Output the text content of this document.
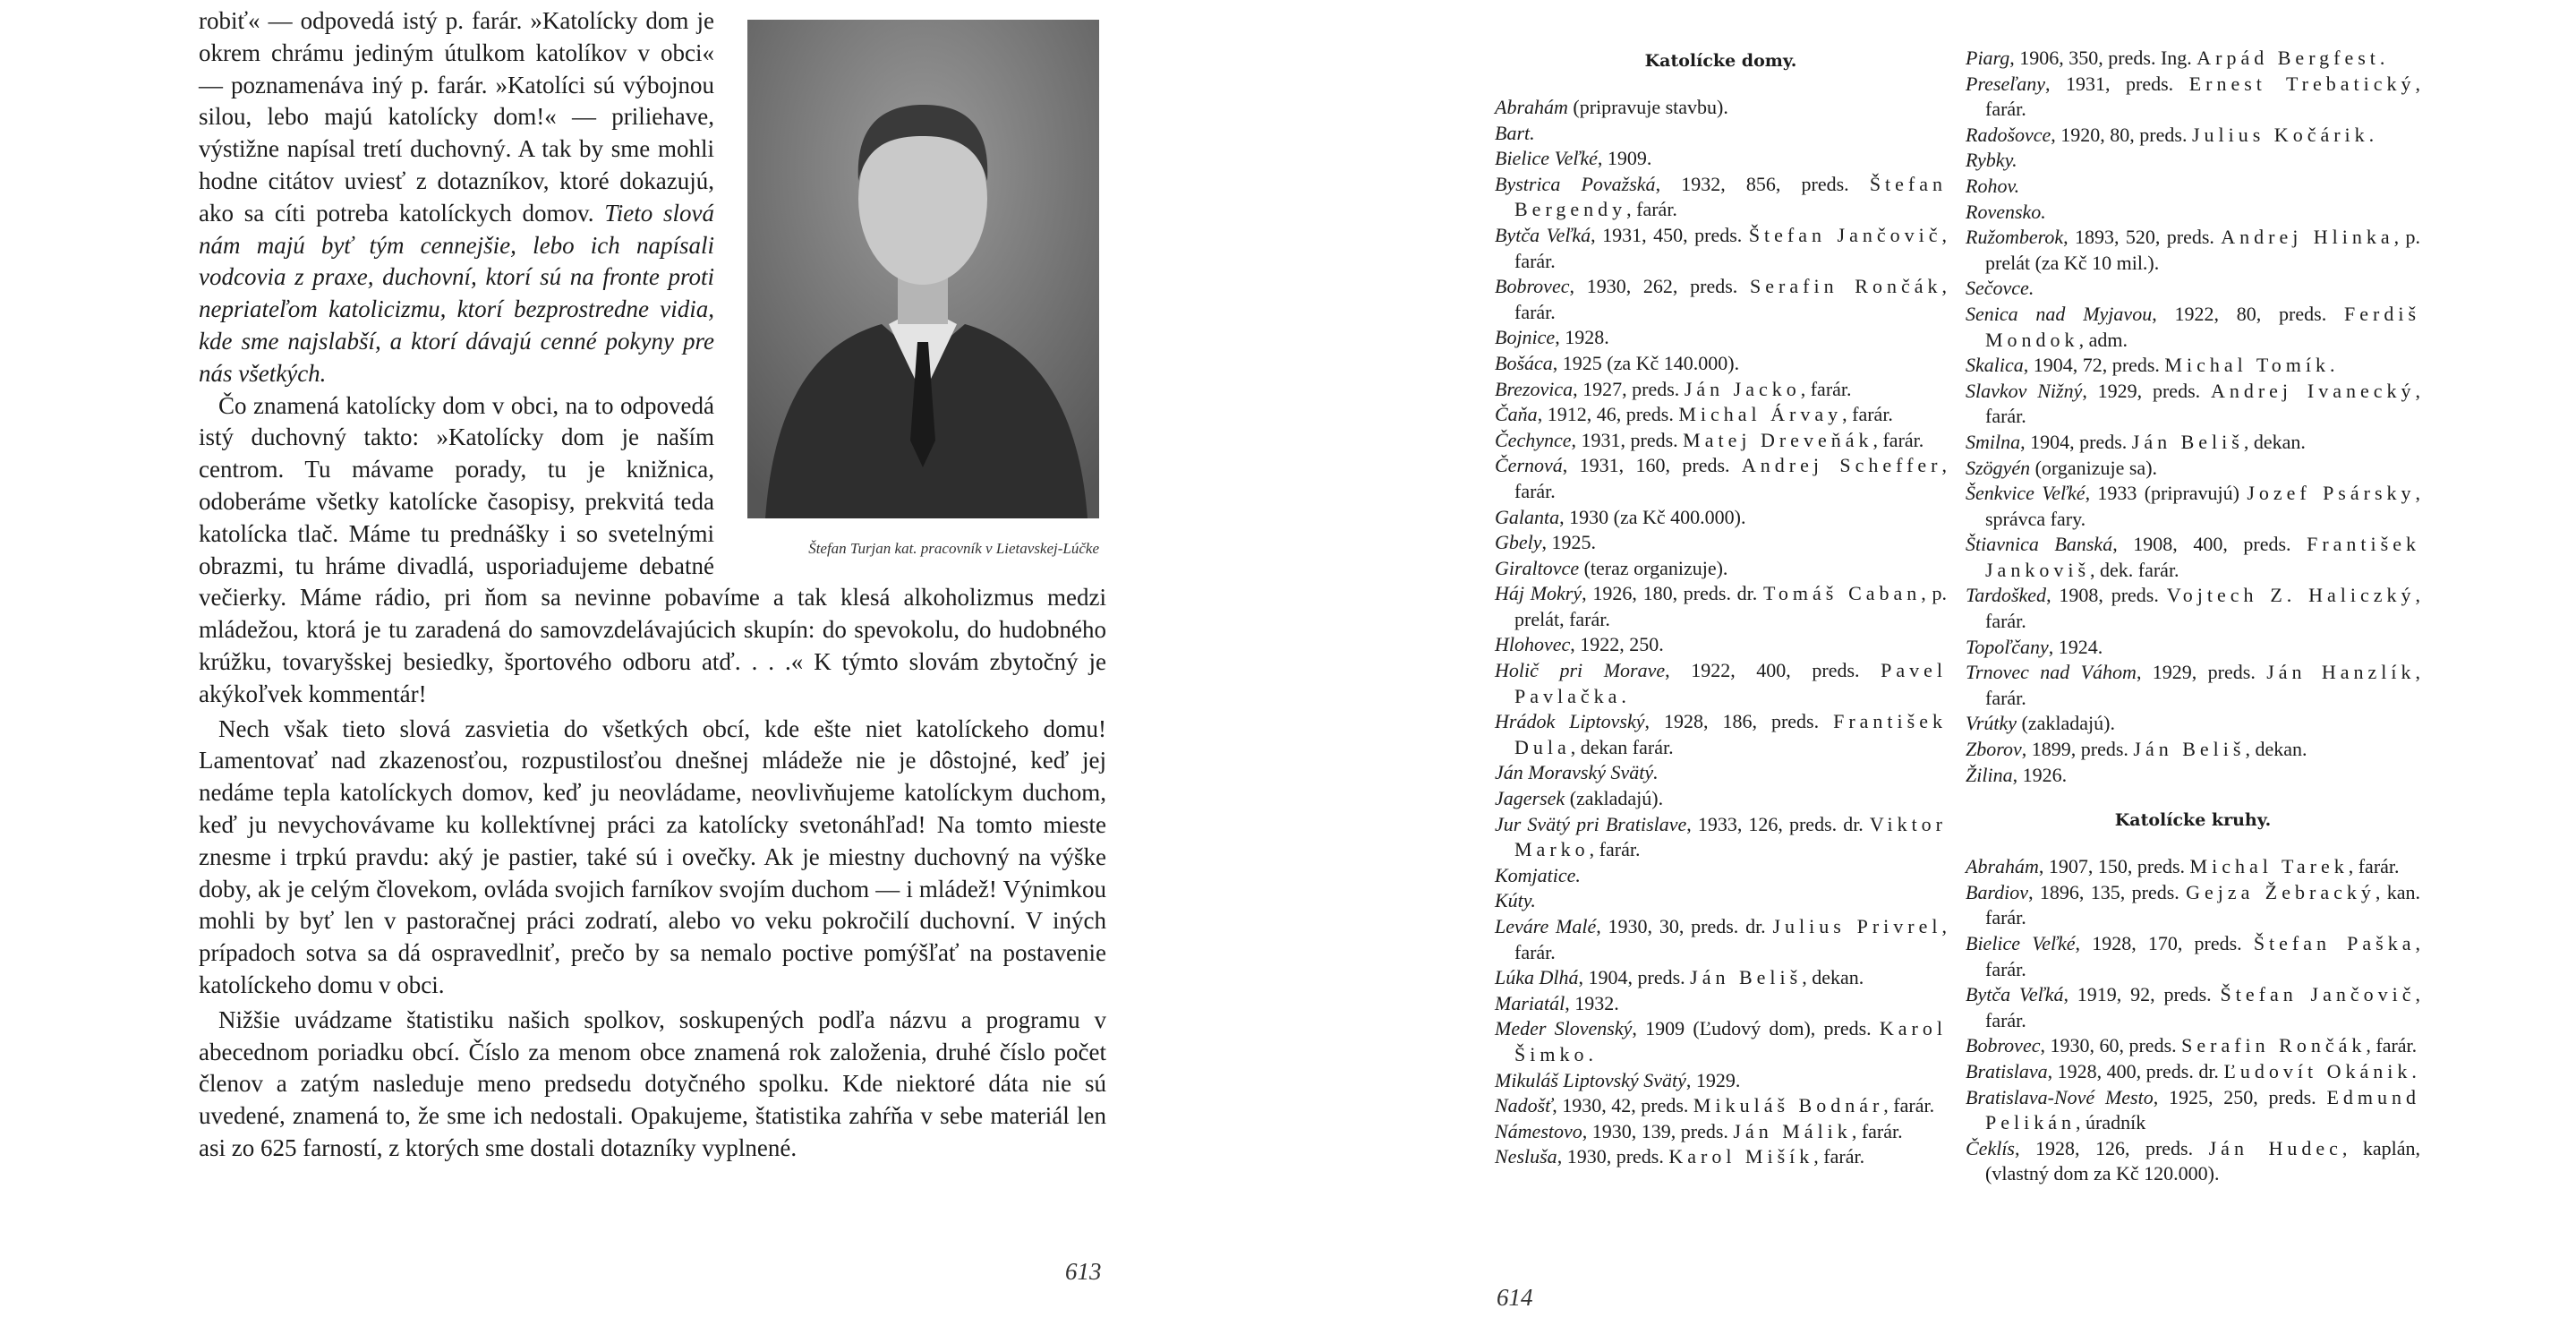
Štefan Turjan kat. pracovník v Lietavskej-Lúčke

robiť« — odpovedá istý p. farár. »Katolícky dom je okrem chrámu jediným útulkom katolíkov v obci« — poznamenáva iný p. farár. »Katolíci sú výbojnou silou, lebo majú katolícky dom!« — priliehave, výstižne napísal tretí duchovný. A tak by sme mohli hodne citátov uviesť z dotazníkov, ktoré dokazujú, ako sa cíti potreba katolíckych domov. Tieto slová nám majú byť tým cennejšie, lebo ich napísali vodcovia z praxe, duchovní, ktorí sú na fronte proti nepriateľom katolicizmu, ktorí bezprostredne vidia, kde sme najslabší, a ktorí dávajú cenné pokyny pre nás všetkých.

Čo znamená katolícky dom v obci, na to odpovedá istý duchovný takto: »Katolícky dom je naším centrom. Tu mávame porady, tu je knižnica, odoberáme všetky katolícke časopisy, prekvitá teda katolícka tlač. Máme tu prednášky i so svetelnými obrazmi, tu hráme divadlá, usporiadujeme debatné večierky. Máme rádio, pri ňom sa nevinne pobavíme a tak klesá alkoholizmus medzi mládežou, ktorá je tu zaradená do samovzdelávajúcich skupín: do spevokolu, do hudobného krúžku, tovaryšskej besiedky, športového odboru atď. . . .« K týmto slovám zbytočný je akýkoľvek kommentár!

Nech však tieto slová zasvietia do všetkých obcí, kde ešte niet katolíckeho domu! Lamentovať nad zkazenosťou, rozpustilosťou dnešnej mládeže nie je dôstojné, keď jej nedáme tepla katolíckych domov, keď ju neovládame, neovlivňujeme katolíckym duchom, keď ju nevychovávame ku kollektívnej práci za katolícky svetonáhľad! Na tomto mieste znesme i trpkú pravdu: aký je pastier, také sú i ovečky. Ak je miestny duchovný na výške doby, ak je celým človekom, ovláda svojich farníkov svojím duchom — i mládež! Výnimkou mohli by byť len v pastoračnej práci zodratí, alebo vo veku pokročilí duchovní. V iných prípadoch sotva sa dá ospravedlniť, prečo by sa nemalo poctive pomýšľať na postavenie katolíckeho domu v obci.

Nižšie uvádzame štatistiku našich spolkov, soskupených podľa názvu a programu v abecednom poriadku obcí. Číslo za menom obce znamená rok založenia, druhé číslo počet členov a zatým nasleduje meno predsedu dotyčného spolku. Kde niektoré dáta nie sú uvedené, znamená to, že sme ich nedostali. Opakujeme, štatistika zahŕňa v sebe materiál len asi zo 625 farností, z ktorých sme dostali dotazníky vyplnené.

613
Katolícke domy.
Abrahám (pripravuje stavbu).
Bart.
Bielice Veľké, 1909.
Bystrica Považská, 1932, 856, preds. Štefan Bergendy, farár.
Bytča Veľká, 1931, 450, preds. Štefan Jančovič, farár.
Bobrovec, 1930, 262, preds. Serafin Rončák, farár.
Bojnice, 1928.
Bošáca, 1925 (za Kč 140.000).
Brezovica, 1927, preds. Ján Jacko, farár.
Čaňa, 1912, 46, preds. Michal Árvay, farár.
Čechynce, 1931, preds. Matej Dreveňák, farár.
Černová, 1931, 160, preds. Andrej Scheffer, farár.
Galanta, 1930 (za Kč 400.000).
Gbely, 1925.
Giraltovce (teraz organizuje).
Háj Mokrý, 1926, 180, preds. dr. Tomáš Caban, p. prelát, farár.
Hlohovec, 1922, 250.
Holič pri Morave, 1922, 400, preds. Pavel Pavlačka.
Hrádok Liptovský, 1928, 186, preds. František Dula, dekan farár.
Ján Moravský Svätý.
Jagersek (zakladajú).
Jur Svätý pri Bratislave, 1933, 126, preds. dr. Viktor Marko, farár.
Komjatice.
Kúty.
Leváre Malé, 1930, 30, preds. dr. Julius Privrel, farár.
Lúka Dlhá, 1904, preds. Ján Beliš, dekan.
Mariatál, 1932.
Meder Slovenský, 1909 (Ľudový dom), preds. Karol Šimko.
Mikuláš Liptovský Svätý, 1929.
Nadošť, 1930, 42, preds. Mikuláš Bodnár, farár.
Námestovo, 1930, 139, preds. Ján Málik, farár.
Nesluša, 1930, preds. Karol Mišík, farár.
Piarg, 1906, 350, preds. Ing. Arpád Bergfest.
Preseľany, 1931, preds. Ernest Trebatický, farár.
Radošovce, 1920, 80, preds. Julius Kočárik.
Rybky.
Rohov.
Rovensko.
Ružomberok, 1893, 520, preds. Andrej Hlinka, p. prelát (za Kč 10 mil.).
Sečovce.
Senica nad Myjavou, 1922, 80, preds. Ferdiš Mondok, adm.
Skalica, 1904, 72, preds. Michal Tomík.
Slavkov Nižný, 1929, preds. Andrej Ivanecký, farár.
Smilna, 1904, preds. Ján Beliš, dekan.
Szögyén (organizuje sa).
Šenkvice Veľké, 1933 (pripravujú) Jozef Psársky, správca fary.
Štiavnica Banská, 1908, 400, preds. František Jankoviš, dek. farár.
Tardošked, 1908, preds. Vojtech Z. Haliczký, farár.
Topoľčany, 1924.
Trnovec nad Váhom, 1929, preds. Ján Hanzlík, farár.
Vrútky (zakladajú).
Zborov, 1899, preds. Ján Beliš, dekan.
Žilina, 1926.
Katolícke kruhy.
Abrahám, 1907, 150, preds. Michal Tarek, farár.
Bardiov, 1896, 135, preds. Gejza Žebracký, kan. farár.
Bielice Veľké, 1928, 170, preds. Štefan Paška, farár.
Bytča Veľká, 1919, 92, preds. Štefan Jančovič, farár.
Bobrovec, 1930, 60, preds. Serafin Rončák, farár.
Bratislava, 1928, 400, preds. dr. Ľudovít Okánik.
Bratislava-Nové Mesto, 1925, 250, preds. Edmund Pelikán, úradník
Čeklís, 1928, 126, preds. Ján Hudec, kaplán, (vlastný dom za Kč 120.000).
614
